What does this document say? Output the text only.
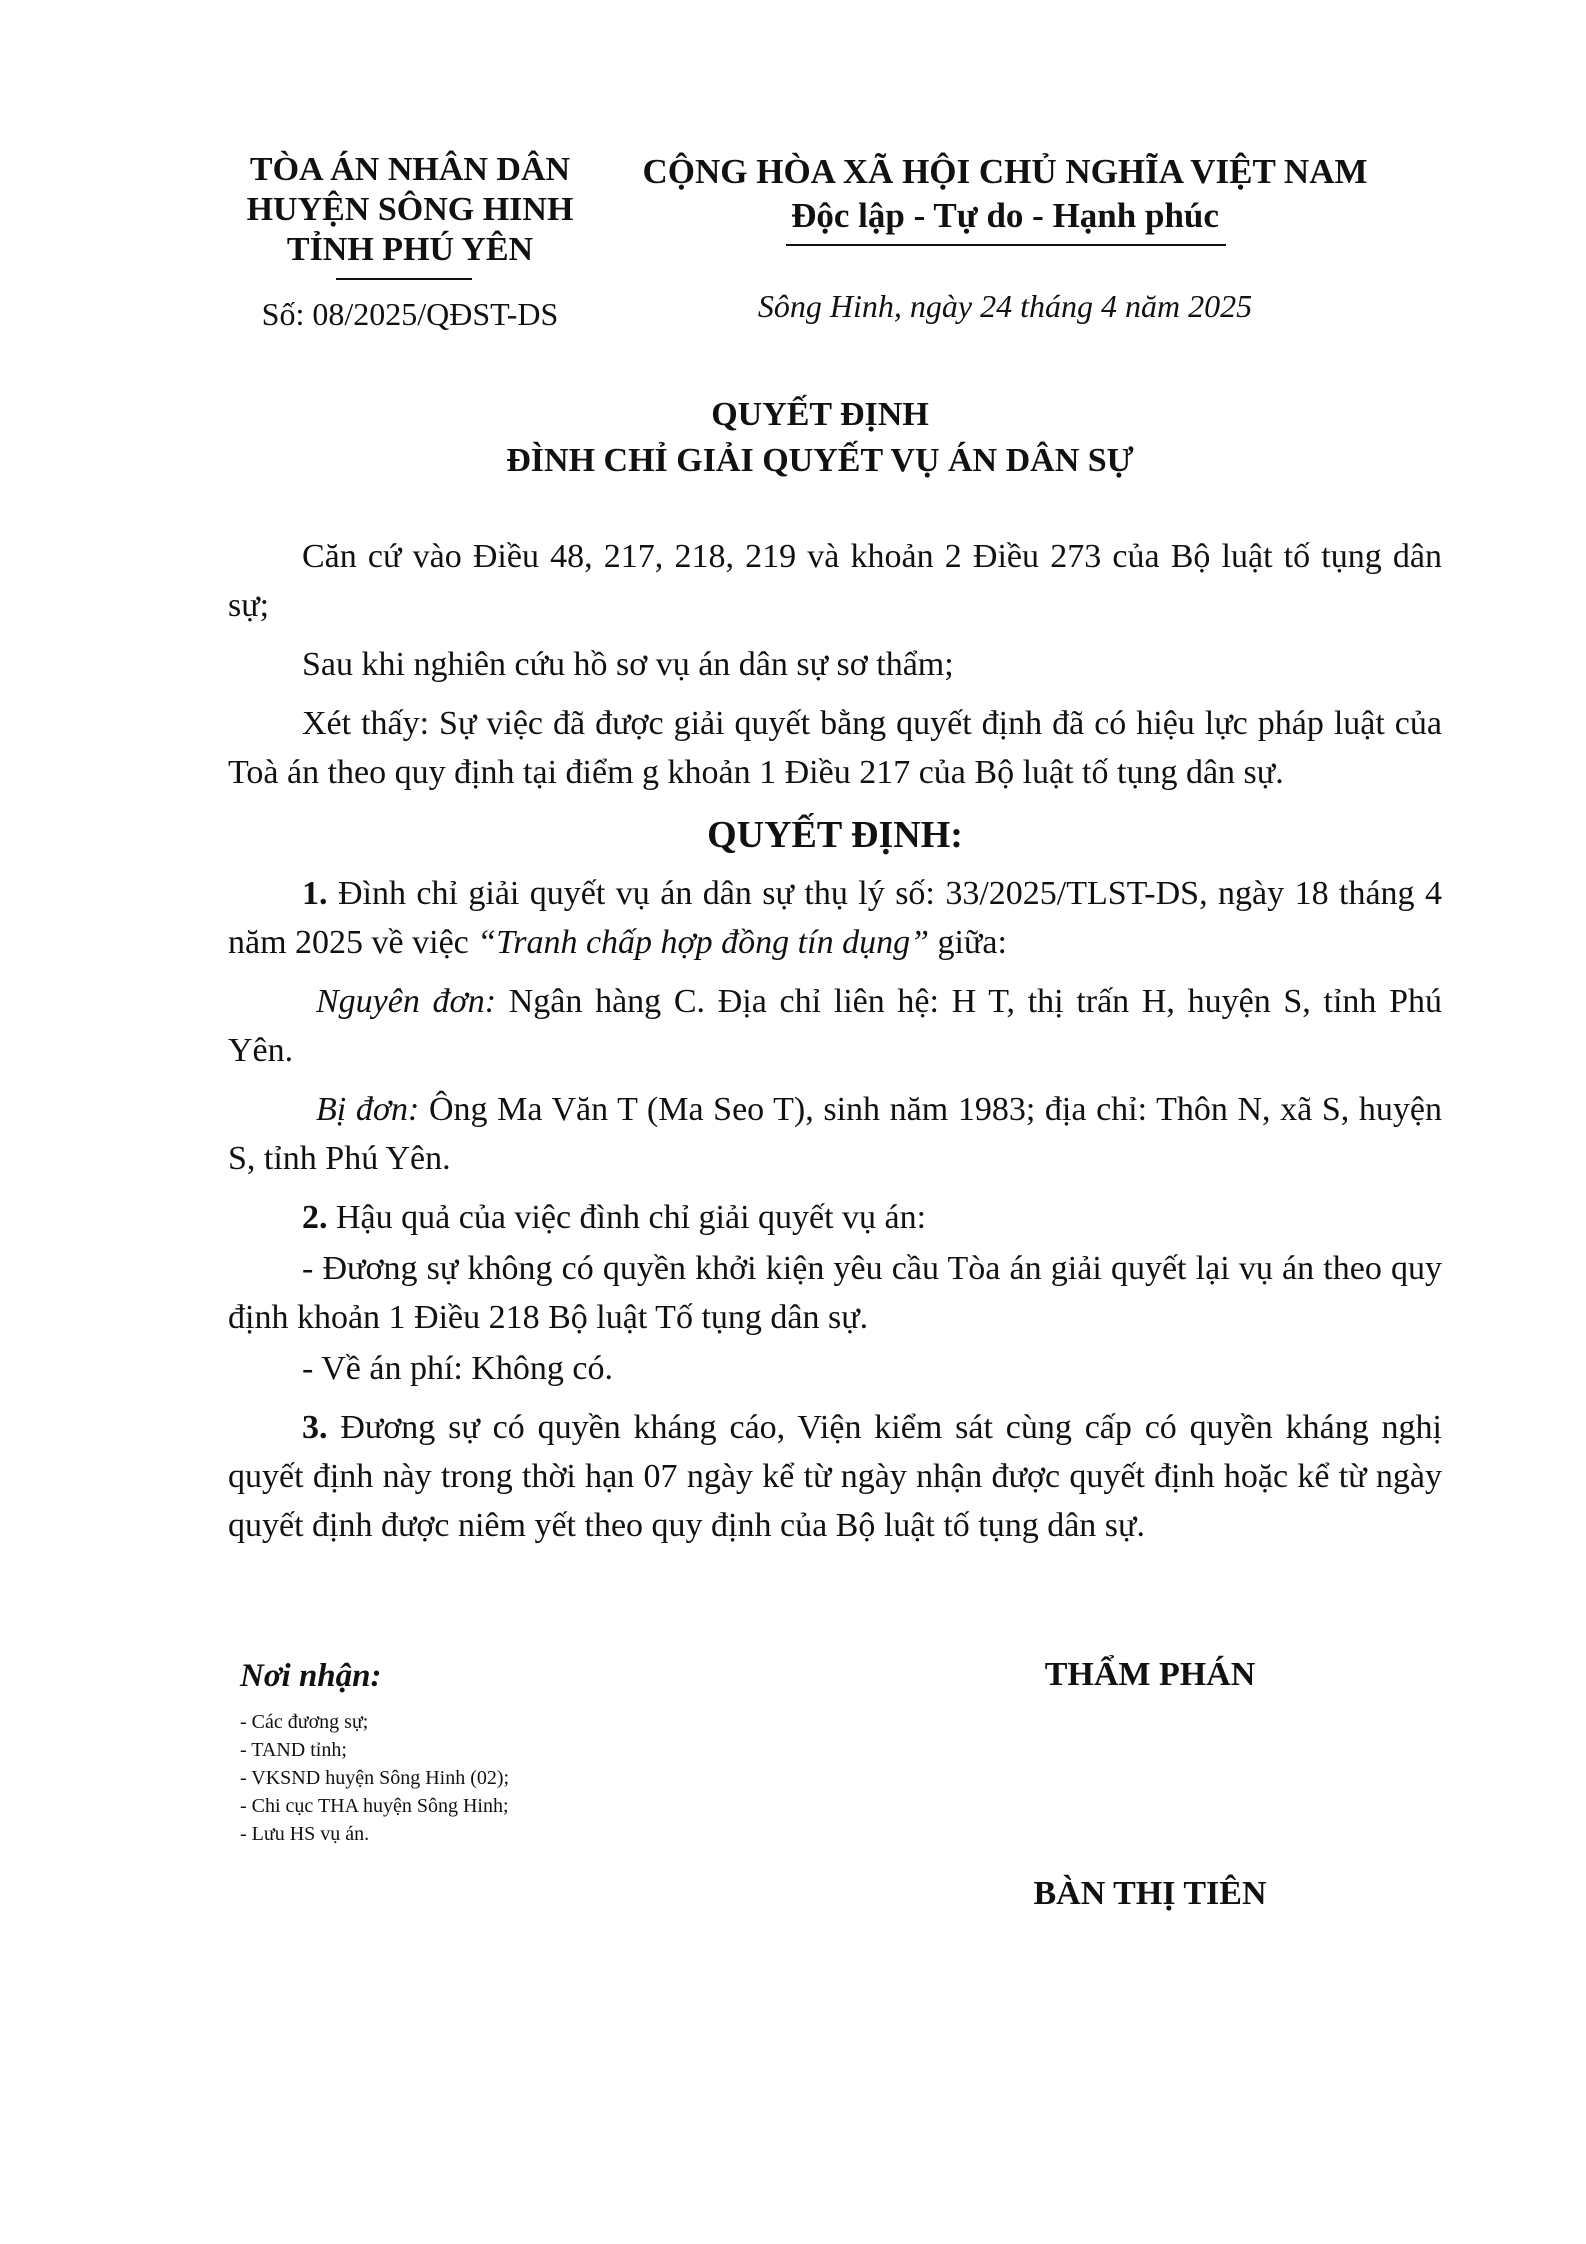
TÒA ÁN NHÂN DÂN
HUYỆN SÔNG HINH
TỈNH PHÚ YÊN
Số: 08/2025/QĐST-DS
CỘNG HÒA XÃ HỘI CHỦ NGHĨA VIỆT NAM
Độc lập - Tự do - Hạnh phúc
Sông Hinh, ngày 24 tháng 4 năm 2025
QUYẾT ĐỊNH
ĐÌNH CHỈ GIẢI QUYẾT VỤ ÁN DÂN SỰ

Căn cứ vào Điều 48, 217, 218, 219 và khoản 2 Điều 273 của Bộ luật tố tụng dân sự;

Sau khi nghiên cứu hồ sơ vụ án dân sự sơ thẩm;

Xét thấy: Sự việc đã được giải quyết bằng quyết định đã có hiệu lực pháp luật của Toà án theo quy định tại điểm g khoản 1 Điều 217 của Bộ luật tố tụng dân sự.

QUYẾT ĐỊNH:

1. Đình chỉ giải quyết vụ án dân sự thụ lý số: 33/2025/TLST-DS, ngày 18 tháng 4 năm 2025 về việc “Tranh chấp hợp đồng tín dụng” giữa:

Nguyên đơn: Ngân hàng C. Địa chỉ liên hệ: H T, thị trấn H, huyện S, tỉnh Phú Yên.

Bị đơn: Ông Ma Văn T (Ma Seo T), sinh năm 1983; địa chỉ: Thôn N, xã S, huyện S, tỉnh Phú Yên.

2. Hậu quả của việc đình chỉ giải quyết vụ án:

- Đương sự không có quyền khởi kiện yêu cầu Tòa án giải quyết lại vụ án theo quy định khoản 1 Điều 218 Bộ luật Tố tụng dân sự.

- Về án phí: Không có.

3. Đương sự có quyền kháng cáo, Viện kiểm sát cùng cấp có quyền kháng nghị quyết định này trong thời hạn 07 ngày kể từ ngày nhận được quyết định hoặc kể từ ngày quyết định được niêm yết theo quy định của Bộ luật tố tụng dân sự.

Nơi nhận:
- Các đương sự;
- TAND tỉnh;
- VKSND huyện Sông Hinh (02);
- Chi cục THA huyện Sông Hinh;
- Lưu HS vụ án.
THẨM PHÁN
BÀN THỊ TIÊN
